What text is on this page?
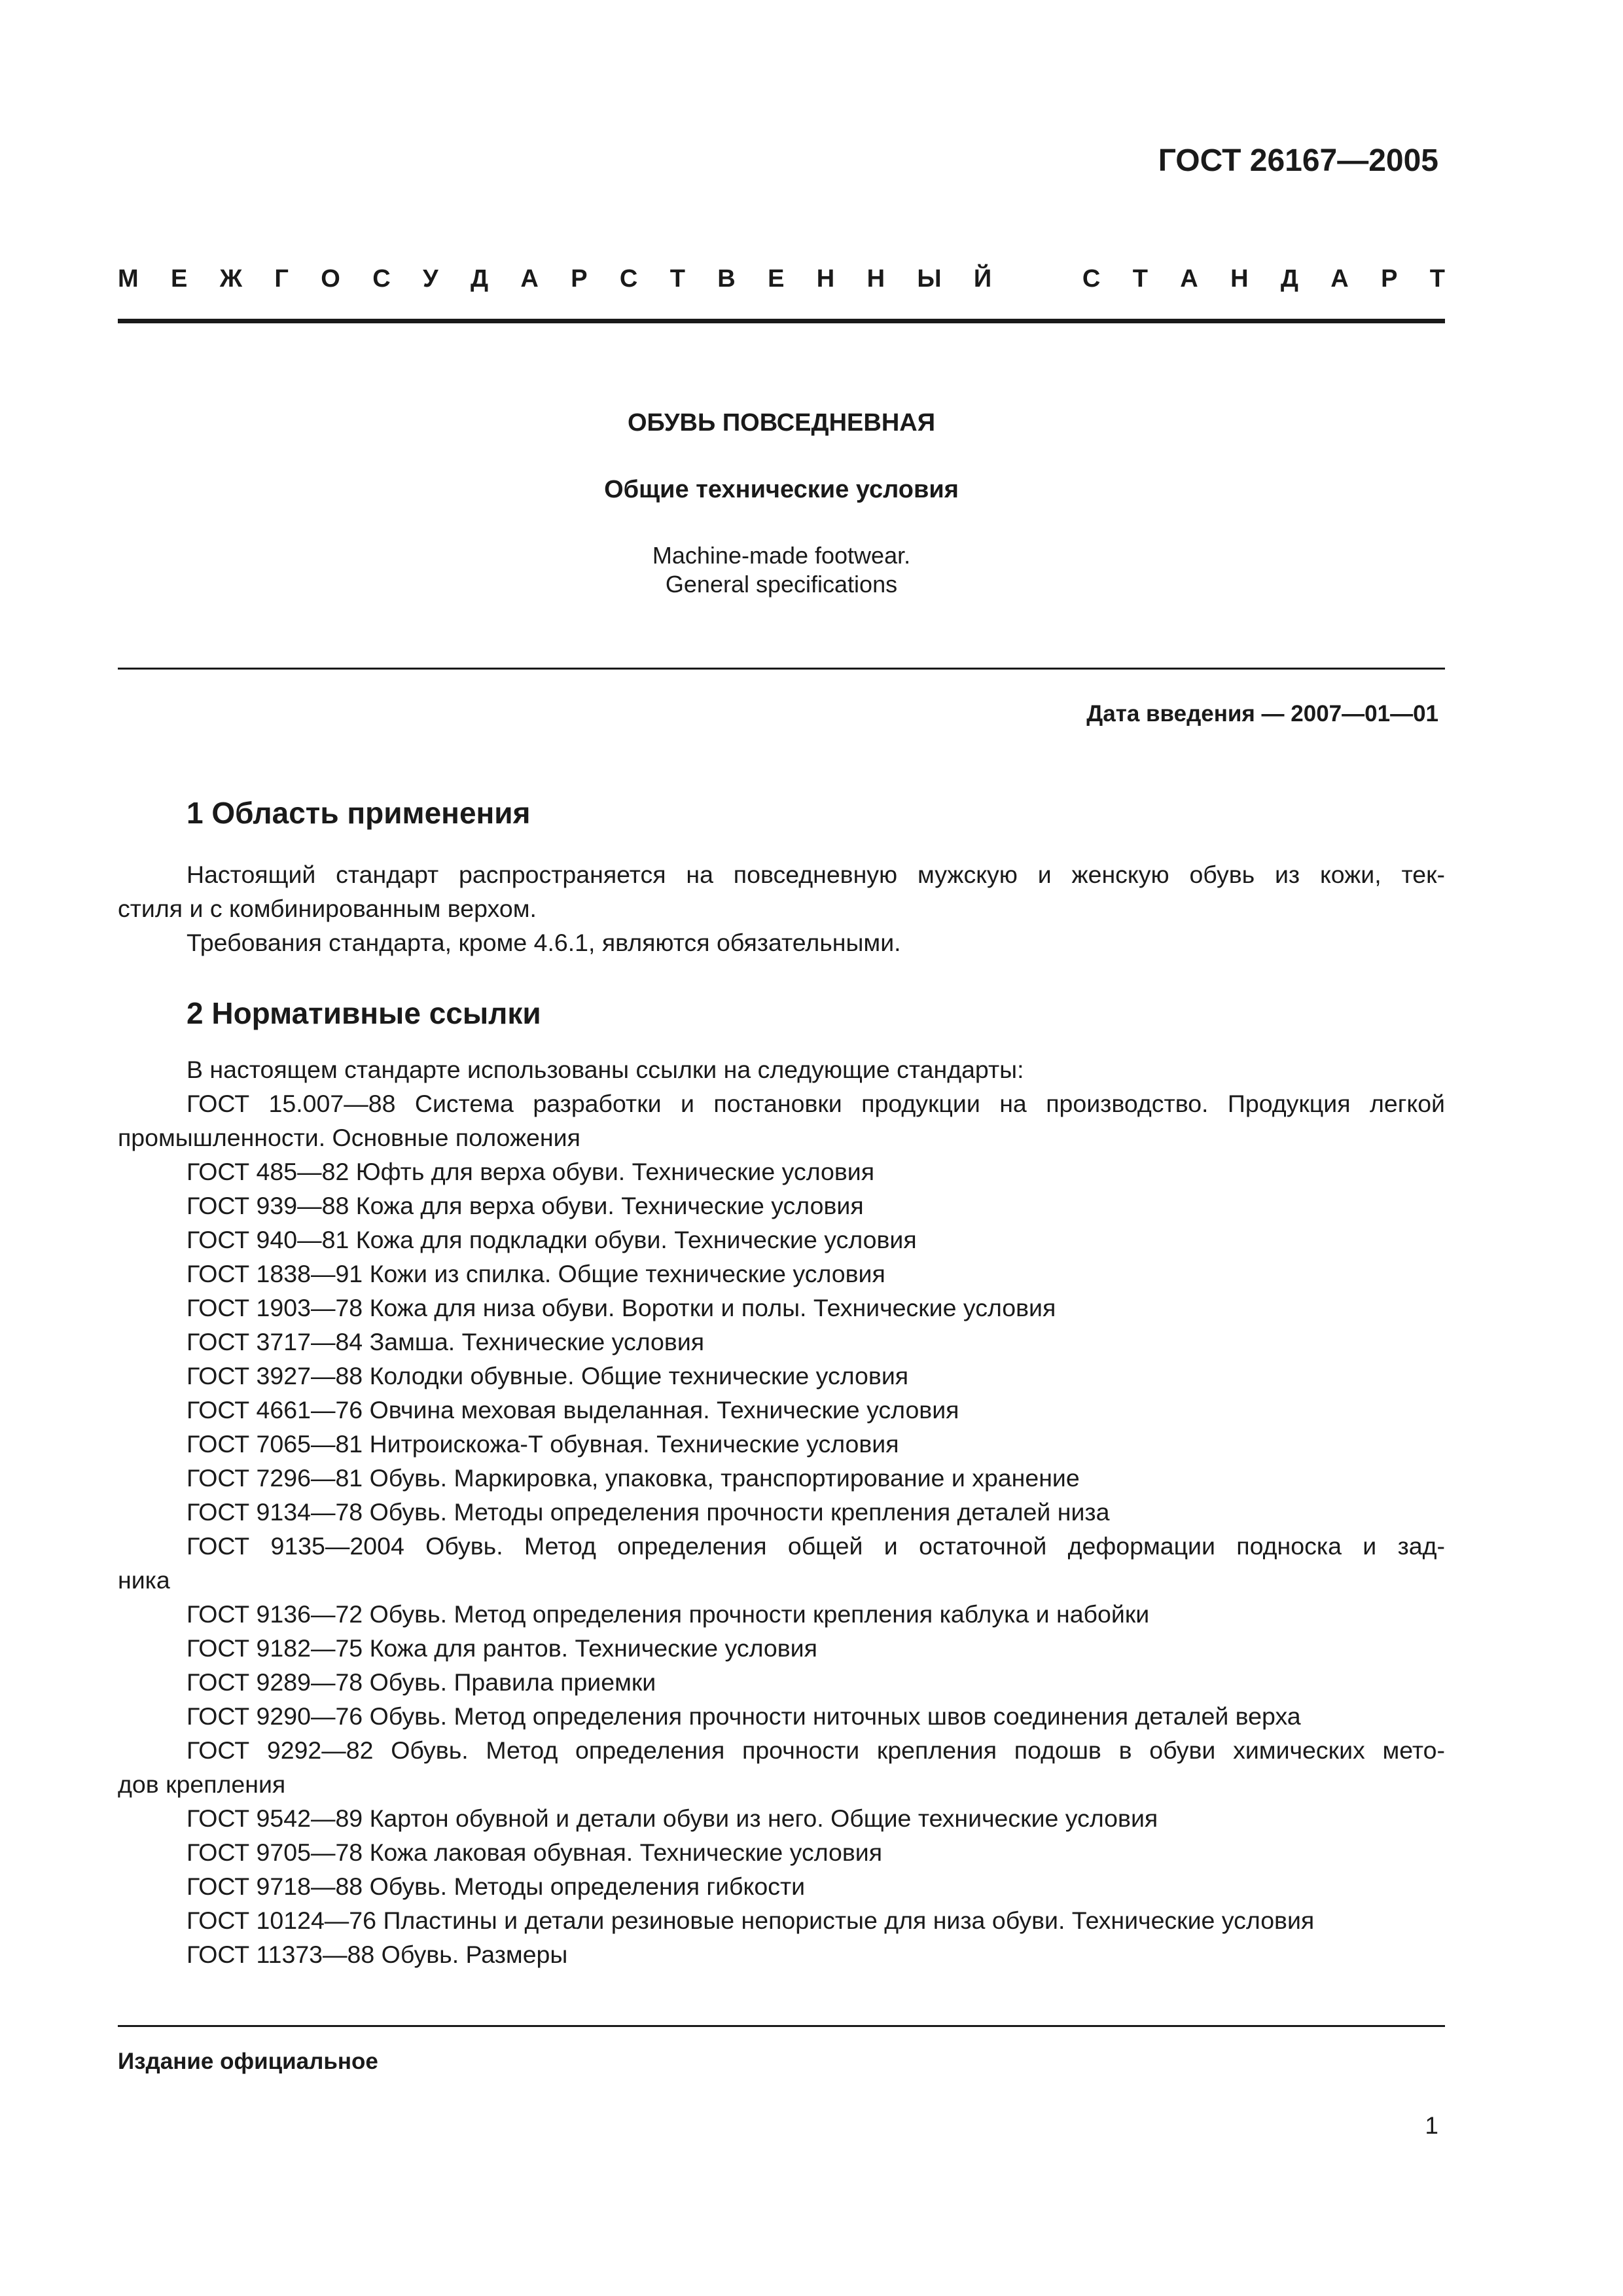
ГОСТ 26167—2005
М Е Ж Г О С У Д А Р С Т В Е Н Н Ы Й	С Т А Н Д А Р Т
ОБУВЬ ПОВСЕДНЕВНАЯ
Общие технические условия
Machine-made footwear.
General specifications
Дата введения — 2007—01—01
1 Область применения
Настоящий стандарт распространяется на повседневную мужскую и женскую обувь из кожи, тек-
стиля и с комбинированным верхом.
Требования стандарта, кроме 4.6.1, являются обязательными.
2 Нормативные ссылки
В настоящем стандарте использованы ссылки на следующие стандарты:
ГОСТ 15.007—88 Система разработки и постановки продукции на производство. Продукция легкой
промышленности. Основные положения
ГОСТ 485—82 Юфть для верха обуви. Технические условия
ГОСТ 939—88 Кожа для верха обуви. Технические условия
ГОСТ 940—81 Кожа для подкладки обуви. Технические условия
ГОСТ 1838—91 Кожи из спилка. Общие технические условия
ГОСТ 1903—78 Кожа для низа обуви. Воротки и полы. Технические условия
ГОСТ 3717—84 Замша. Технические условия
ГОСТ 3927—88 Колодки обувные. Общие технические условия
ГОСТ 4661—76 Овчина меховая выделанная. Технические условия
ГОСТ 7065—81 Нитроискожа-Т обувная. Технические условия
ГОСТ 7296—81 Обувь. Маркировка, упаковка, транспортирование и хранение
ГОСТ 9134—78 Обувь. Методы определения прочности крепления деталей низа
ГОСТ 9135—2004 Обувь. Метод определения общей и остаточной деформации подноска и зад-
ника
ГОСТ 9136—72 Обувь. Метод определения прочности крепления каблука и набойки
ГОСТ 9182—75 Кожа для рантов. Технические условия
ГОСТ 9289—78 Обувь. Правила приемки
ГОСТ 9290—76 Обувь. Метод определения прочности ниточных швов соединения деталей верха
ГОСТ 9292—82 Обувь. Метод определения прочности крепления подошв в обуви химических мето-
дов крепления
ГОСТ 9542—89 Картон обувной и детали обуви из него. Общие технические условия
ГОСТ 9705—78 Кожа лаковая обувная. Технические условия
ГОСТ 9718—88 Обувь. Методы определения гибкости
ГОСТ 10124—76 Пластины и детали резиновые непористые для низа обуви. Технические условия
ГОСТ 11373—88 Обувь. Размеры
Издание официальное
1
